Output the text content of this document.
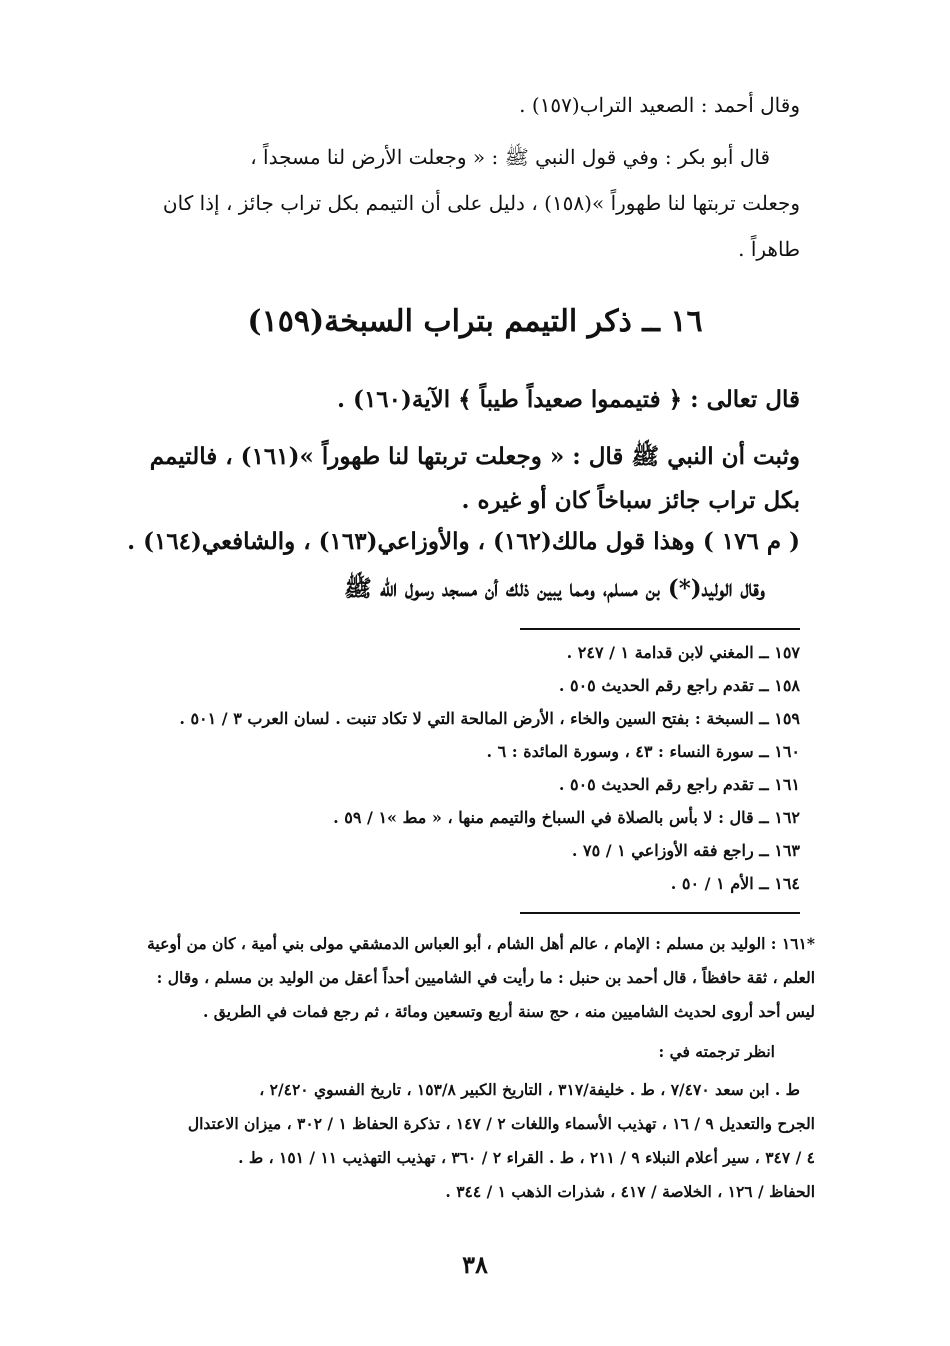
وقال أحمد : الصعيد التراب(١٥٧) .
قال أبو بكر : وفي قول النبي ﷺ : « وجعلت الأرض لنا مسجداً ،
وجعلت تربتها لنا طهوراً »(١٥٨) ، دليل على أن التيمم بكل تراب جائز ، إذا كان
طاهراً .
١٦ ــ ذكر التيمم بتراب السبخة(١٥٩)
قال تعالى : ﴿ فتيمموا صعيداً طيباً ﴾ الآية(١٦٠) .
وثبت أن النبي ﷺ قال : « وجعلت تربتها لنا طهوراً »(١٦١) ، فالتيمم
بكل تراب جائز سباخاً كان أو غيره .
( م ١٧٦ ) وهذا قول مالك(١٦٢) ، والأوزاعي(١٦٣) ، والشافعي(١٦٤) .
وقال الوليد(*) بن مسلم، ومما يبين ذلك أن مسجد رسول الله ﷺ
١٥٧ ــ المغني لابن قدامة ١ / ٢٤٧ .
١٥٨ ــ تقدم راجع رقم الحديث ٥٠٥ .
١٥٩ ــ السبخة : بفتح السين والخاء ، الأرض المالحة التي لا تكاد تنبت . لسان العرب ٣ / ٥٠١ .
١٦٠ ــ سورة النساء : ٤٣ ، وسورة المائدة : ٦ .
١٦١ ــ تقدم راجع رقم الحديث ٥٠٥ .
١٦٢ ــ قال : لا بأس بالصلاة في السباخ والتيمم منها ، « مط »١ / ٥٩ .
١٦٣ ــ راجع فقه الأوزاعي ١ / ٧٥ .
١٦٤ ــ الأم ١ / ٥٠ .
*١٦١ : الوليد بن مسلم : الإمام ، عالم أهل الشام ، أبو العباس الدمشقي مولى بني أمية ، كان من أوعية
العلم ، ثقة حافظاً ، قال أحمد بن حنبل : ما رأيت في الشاميين أحداً أعقل من الوليد بن مسلم ، وقال :
ليس أحد أروى لحديث الشاميين منه ، حج سنة أربع وتسعين ومائة ، ثم رجع فمات في الطريق .
انظر ترجمته في :
ط . ابن سعد ٧/٤٧٠ ، ط . خليفة/٣١٧ ، التاريخ الكبير ١٥٣/٨ ، تاريخ الفسوي ٢/٤٢٠ ،
الجرح والتعديل ٩ / ١٦ ، تهذيب الأسماء واللغات ٢ / ١٤٧ ، تذكرة الحفاظ ١ / ٣٠٢ ، ميزان الاعتدال
٤ / ٣٤٧ ، سير أعلام النبلاء ٩ / ٢١١ ، ط . القراء ٢ / ٣٦٠ ، تهذيب التهذيب ١١ / ١٥١ ، ط .
الحفاظ / ١٢٦ ، الخلاصة / ٤١٧ ، شذرات الذهب ١ / ٣٤٤ .
٣٨
